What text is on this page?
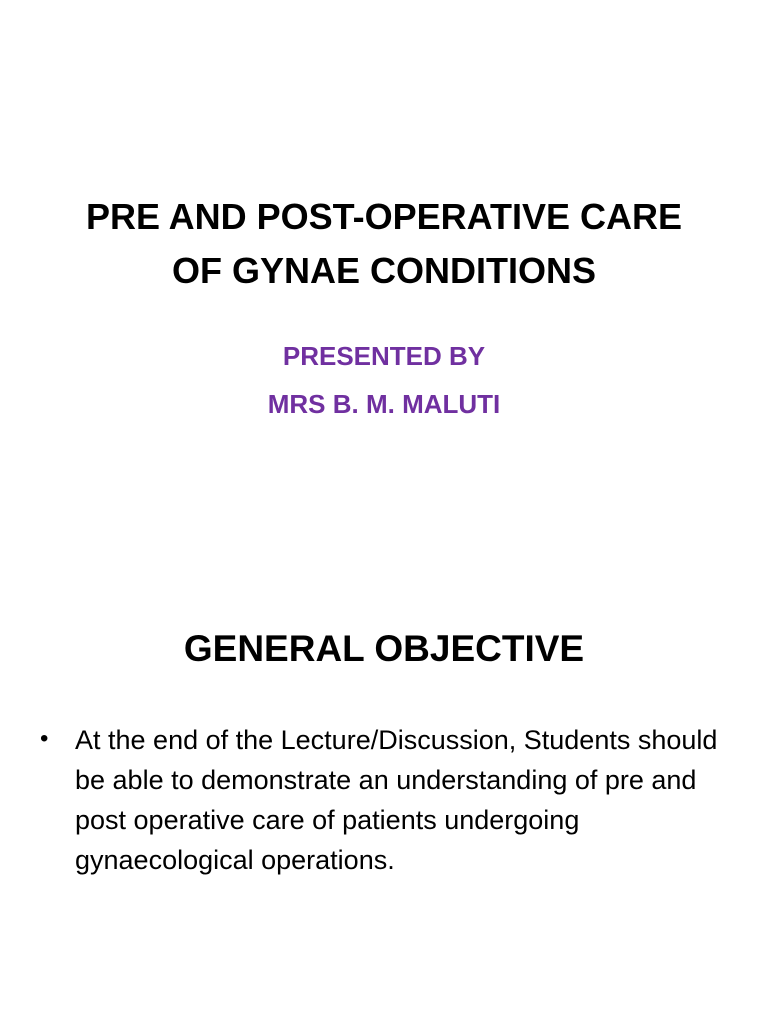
PRE AND POST-OPERATIVE CARE
OF GYNAE CONDITIONS
PRESENTED BY
MRS B. M. MALUTI
GENERAL OBJECTIVE
• At the end of the Lecture/Discussion, Students should be able to demonstrate an understanding of pre and post operative care of patients undergoing gynaecological operations.
